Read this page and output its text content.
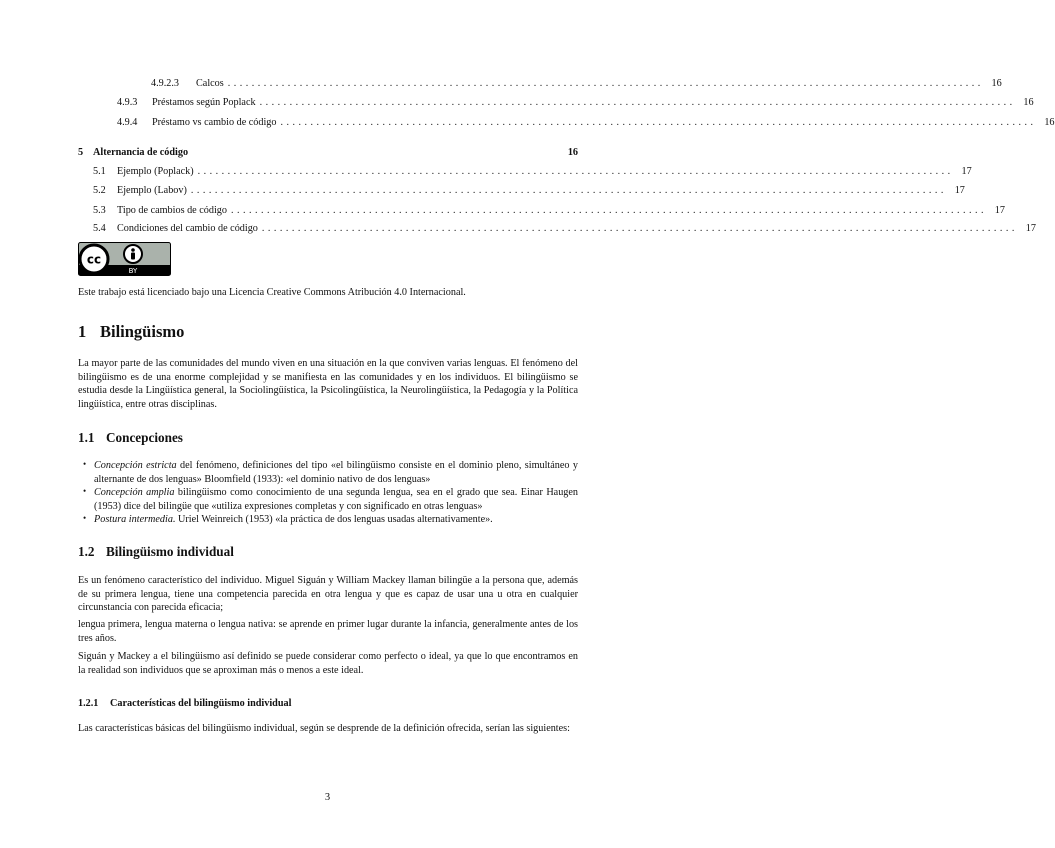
4.9.2.3	Calcos .............................................................................................................................. 16
4.9.3	Préstamos según Poplack .............................................................................................................................. 16
4.9.4	Préstamo vs cambio de código .............................................................................................................................. 16
5 Alternancia de código	16
5.1	Ejemplo (Poplack) .............................................................................................................................. 17
5.2	Ejemplo (Labov) .............................................................................................................................. 17
5.3	Tipo de cambios de código .............................................................................................................................. 17
5.4	Condiciones del cambio de código .............................................................................................................................. 17
cc
BY
Este trabajo está licenciado bajo una Licencia Creative Commons Atribución 4.0 Internacional.
1 Bilingüismo
La mayor parte de las comunidades del mundo viven en una situación en la que conviven varias lenguas. El fenómeno del bilingüismo es de una enorme complejidad y se manifiesta en las comunidades y en los individuos. El bilingüismo se estudia desde la Lingüística general, la Sociolingüística, la Psicolingüística, la Neurolingüística, la Pedagogía y la Política lingüística, entre otras disciplinas.
1.1 Concepciones
• Concepción estricta del fenómeno, definiciones del tipo «el bilingüismo consiste en el dominio pleno, simultáneo y alternante de dos lenguas» Bloomfield (1933): «el dominio nativo de dos lenguas»
• Concepción amplia bilingüismo como conocimiento de una segunda lengua, sea en el grado que sea. Einar Haugen (1953) dice del bilingüe que «utiliza expresiones completas y con significado en otras lenguas»
• Postura intermedia. Uriel Weinreich (1953) «la práctica de dos lenguas usadas alternativamente».
1.2 Bilingüismo individual
Es un fenómeno característico del individuo. Miguel Siguán y William Mackey llaman bilingüe a la persona que, además de su primera lengua, tiene una competencia parecida en otra lengua y que es capaz de usar una u otra en cualquier circunstancia con parecida eficacia;
lengua primera, lengua materna o lengua nativa: se aprende en primer lugar durante la infancia, generalmente antes de los tres años.
Siguán y Mackey a el bilingüismo así definido se puede considerar como perfecto o ideal, ya que lo que encontramos en la realidad son individuos que se aproximan más o menos a este ideal.
1.2.1 Características del bilingüismo individual
Las características básicas del bilingüismo individual, según se desprende de la definición ofrecida, serían las siguientes:
3
